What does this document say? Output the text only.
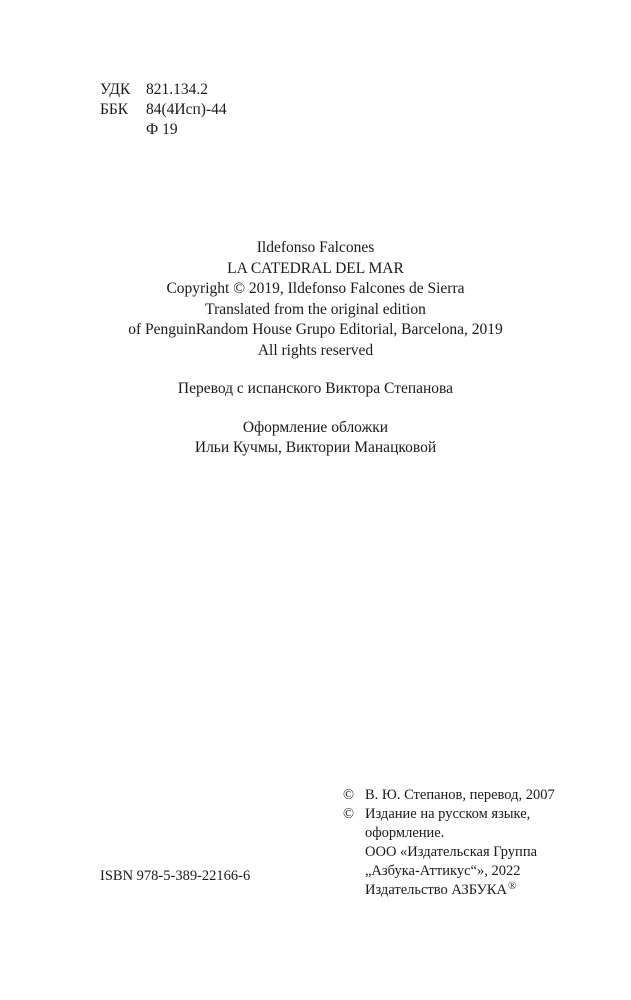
УДК	821.134.2
ББК	84(4Исп)-44
Ф 19
Ildefonso Falcones
LA CATEDRAL DEL MAR
Copyright © 2019, Ildefonso Falcones de Sierra
Translated from the original edition
of PenguinRandom House Grupo Editorial, Barcelona, 2019
All rights reserved
Перевод с испанского Виктора Степанова
Оформление обложки
Ильи Кучмы, Виктории Манацковой
© В. Ю. Степанов, перевод, 2007
© Издание на русском языке,
оформление.
ООО «Издательская Группа
„Азбука-Аттикус“», 2022
Издательство АЗБУКА®
ISBN 978-5-389-22166-6
